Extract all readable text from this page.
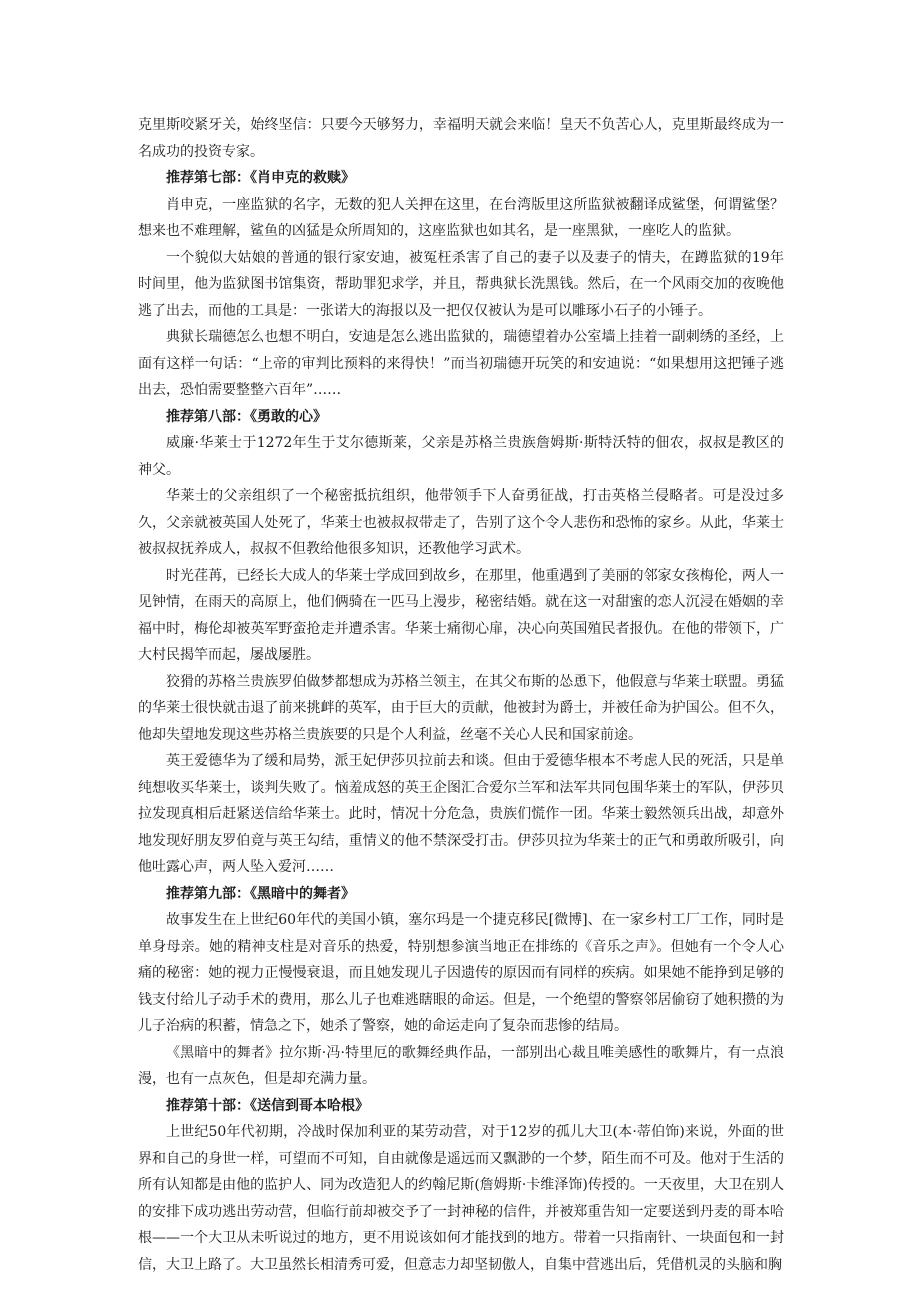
克里斯咬紧牙关，始终坚信：只要今天够努力，幸福明天就会来临！皇天不负苦心人，克里斯最终成为一名成功的投资专家。

推荐第七部：《肖申克的救赎》

肖申克，一座监狱的名字，无数的犯人关押在这里，在台湾版里这所监狱被翻译成鲨堡，何谓鲨堡？想来也不难理解，鲨鱼的凶猛是众所周知的，这座监狱也如其名，是一座黑狱，一座吃人的监狱。

一个貌似大姑娘的普通的银行家安迪，被冤枉杀害了自己的妻子以及妻子的情夫，在蹲监狱的19年时间里，他为监狱图书馆集资，帮助罪犯求学，并且，帮典狱长洗黑钱。然后，在一个风雨交加的夜晚他逃了出去，而他的工具是：一张诺大的海报以及一把仅仅被认为是可以雕琢小石子的小锤子。

典狱长瑞德怎么也想不明白，安迪是怎么逃出监狱的，瑞德望着办公室墙上挂着一副刺绣的圣经，上面有这样一句话：“上帝的审判比预料的来得快！”而当初瑞德开玩笑的和安迪说：“如果想用这把锤子逃出去，恐怕需要整整六百年”……

推荐第八部：《勇敢的心》

威廉·华莱士于1272年生于艾尔德斯莱，父亲是苏格兰贵族詹姆斯·斯特沃特的佃农，叔叔是教区的神父。

华莱士的父亲组织了一个秘密抵抗组织，他带领手下人奋勇征战，打击英格兰侵略者。可是没过多久，父亲就被英国人处死了，华莱士也被叔叔带走了，告别了这个令人悲伤和恐怖的家乡。从此，华莱士被叔叔抚养成人，叔叔不但教给他很多知识，还教他学习武术。

时光荏苒，已经长大成人的华莱士学成回到故乡，在那里，他重遇到了美丽的邻家女孩梅伦，两人一见钟情，在雨天的高原上，他们俩骑在一匹马上漫步，秘密结婚。就在这一对甜蜜的恋人沉浸在婚姻的幸福中时，梅伦却被英军野蛮抢走并遭杀害。华莱士痛彻心扉，决心向英国殖民者报仇。在他的带领下，广大村民揭竿而起，屡战屡胜。

狡猾的苏格兰贵族罗伯做梦都想成为苏格兰领主，在其父布斯的怂恿下，他假意与华莱士联盟。勇猛的华莱士很快就击退了前来挑衅的英军，由于巨大的贡献，他被封为爵士，并被任命为护国公。但不久，他却失望地发现这些苏格兰贵族要的只是个人利益，丝毫不关心人民和国家前途。

英王爱德华为了缓和局势，派王妃伊莎贝拉前去和谈。但由于爱德华根本不考虑人民的死活，只是单纯想收买华莱士，谈判失败了。恼羞成怒的英王企图汇合爱尔兰军和法军共同包围华莱士的军队，伊莎贝拉发现真相后赶紧送信给华莱士。此时，情况十分危急，贵族们慌作一团。华莱士毅然领兵出战，却意外地发现好朋友罗伯竟与英王勾结，重情义的他不禁深受打击。伊莎贝拉为华莱士的正气和勇敢所吸引，向他吐露心声，两人坠入爱河……

推荐第九部：《黑暗中的舞者》

故事发生在上世纪60年代的美国小镇，塞尔玛是一个捷克移民[微博]、在一家乡村工厂工作，同时是单身母亲。她的精神支柱是对音乐的热爱，特别想参演当地正在排练的《音乐之声》。但她有一个令人心痛的秘密：她的视力正慢慢衰退，而且她发现儿子因遗传的原因而有同样的疾病。如果她不能挣到足够的钱支付给儿子动手术的费用，那么儿子也难逃瞎眼的命运。但是，一个绝望的警察邻居偷窃了她积攒的为儿子治病的积蓄，情急之下，她杀了警察，她的命运走向了复杂而悲惨的结局。

《黑暗中的舞者》拉尔斯·冯·特里厄的歌舞经典作品，一部别出心裁且唯美感性的歌舞片，有一点浪漫，也有一点灰色，但是却充满力量。

推荐第十部：《送信到哥本哈根》

上世纪50年代初期，冷战时保加利亚的某劳动营，对于12岁的孤儿大卫(本·蒂伯饰)来说，外面的世界和自己的身世一样，可望而不可知，自由就像是遥远而又飘渺的一个梦，陌生而不可及。他对于生活的所有认知都是由他的监护人、同为改造犯人的约翰尼斯(詹姆斯·卡维泽饰)传授的。一天夜里，大卫在别人的安排下成功逃出劳动营，但临行前却被交予了一封神秘的信件，并被郑重告知一定要送到丹麦的哥本哈根——一个大卫从未听说过的地方，更不用说该如何才能找到的地方。带着一只指南针、一块面包和一封信，大卫上路了。大卫虽然长相清秀可爱，但意志力却坚韧傲人，自集中营逃出后，凭借机灵的头脑和胸
